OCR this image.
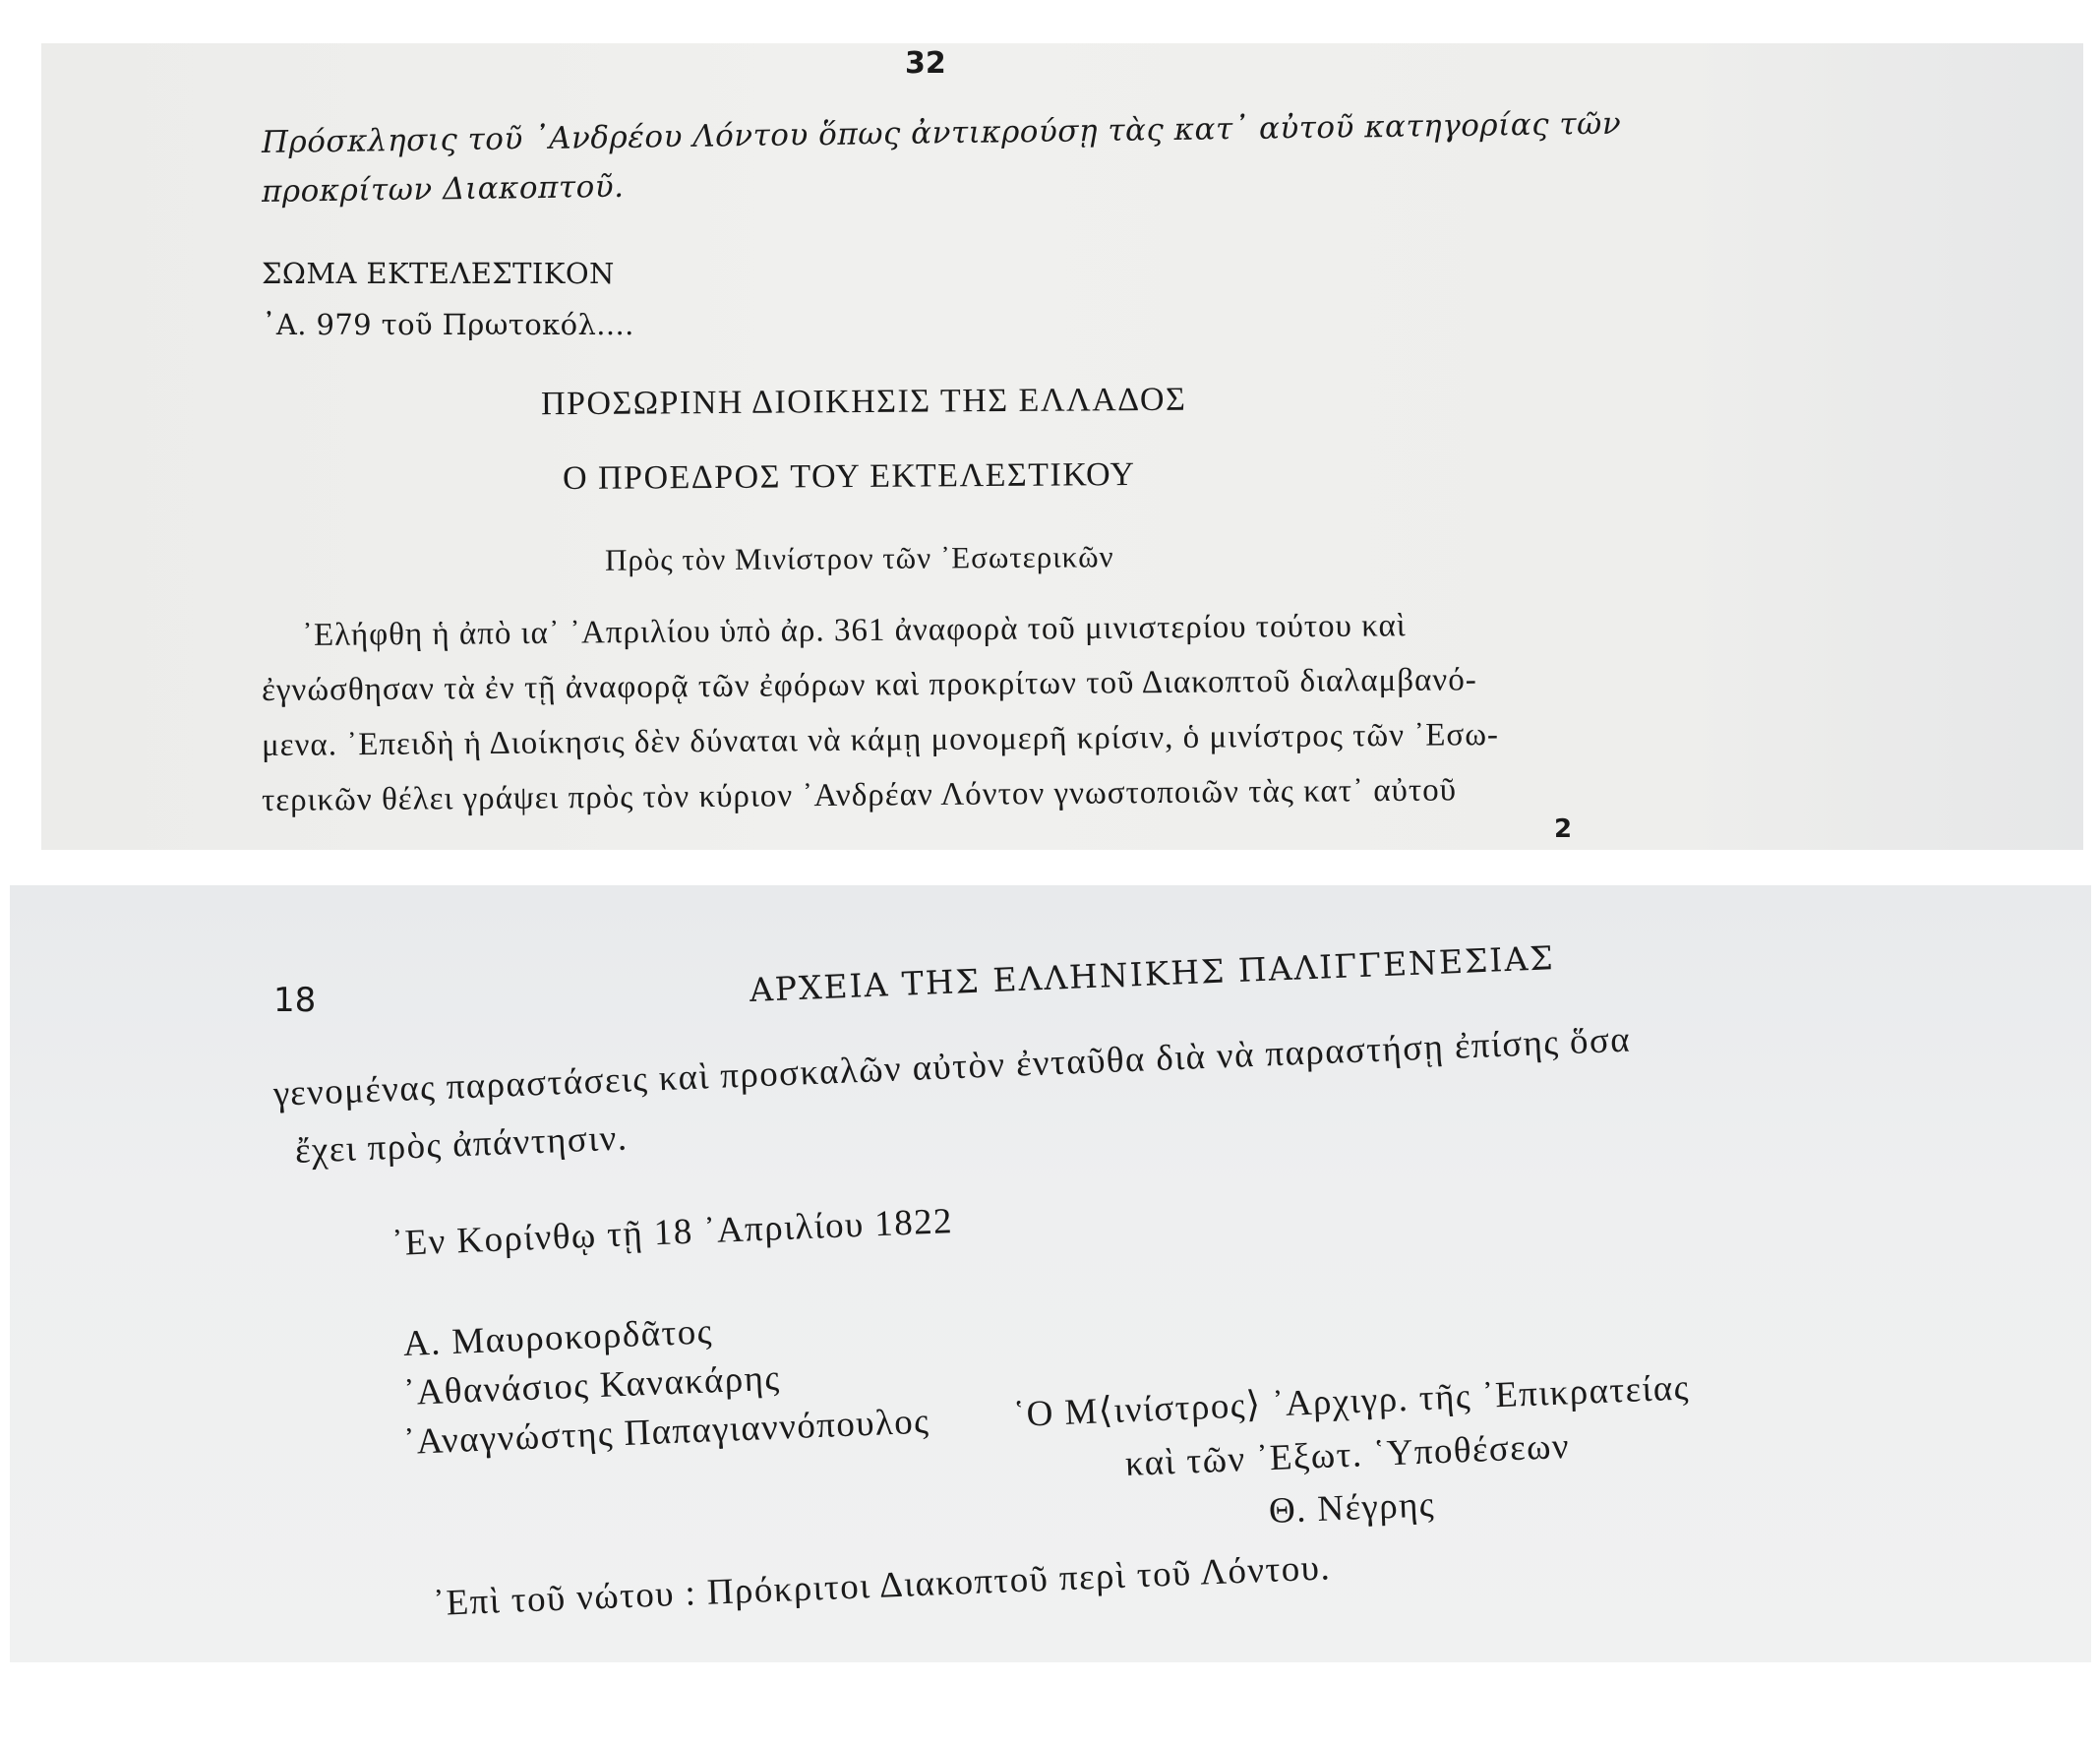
32
Πρόσκλησις τοῦ ᾿Ανδρέου Λόντου ὅπως ἀντικρούσῃ τὰς κατ᾿ αὐτοῦ κατηγορίας τῶν
προκρίτων Διακοπτοῦ.
ΣΩΜΑ ΕΚΤΕΛΕΣΤΙΚΟΝ
᾿Α. 979 τοῦ Πρωτοκόλ....
ΠΡΟΣΩΡΙΝΗ ΔΙΟΙΚΗΣΙΣ ΤΗΣ ΕΛΛΑΔΟΣ
Ο ΠΡΟΕΔΡΟΣ ΤΟΥ ΕΚΤΕΛΕΣΤΙΚΟΥ
Πρὸς τὸν Μινίστρον τῶν ᾿Εσωτερικῶν
᾿Ελήφθη ἡ ἀπὸ ια᾿ ᾿Απριλίου ὑπὸ ἀρ. 361 ἀναφορὰ τοῦ μινιστερίου τούτου καὶ
ἐγνώσθησαν τὰ ἐν τῇ ἀναφορᾷ τῶν ἐφόρων καὶ προκρίτων τοῦ Διακοπτοῦ διαλαμβανό-
μενα. ᾿Επειδὴ ἡ Διοίκησις δὲν δύναται νὰ κάμῃ μονομερῆ κρίσιν, ὁ μινίστρος τῶν ᾿Εσω-
τερικῶν θέλει γράψει πρὸς τὸν κύριον ᾿Ανδρέαν Λόντον γνωστοποιῶν τὰς κατ᾿ αὐτοῦ
2
18	ΑΡΧΕΙΑ ΤΗΣ ΕΛΛΗΝΙΚΗΣ ΠΑΛΙΓΓΕΝΕΣΙΑΣ
γενομένας παραστάσεις καὶ προσκαλῶν αὐτὸν ἐνταῦθα διὰ νὰ παραστήσῃ ἐπίσης ὅσα
ἔχει πρὸς ἀπάντησιν.
᾿Εν Κορίνθῳ τῇ 18 ᾿Απριλίου 1822
Α. Μαυροκορδᾶτος
᾿Αθανάσιος Κανακάρης
᾿Αναγνώστης Παπαγιαννόπουλος ῾Ο Μ⟨ινίστρος⟩ ᾿Αρχιγρ. τῆς ᾿Επικρατείας
καὶ τῶν ᾿Εξωτ. ῾Υποθέσεων
Θ. Νέγρης
᾿Επὶ τοῦ νώτου : Πρόκριτοι Διακοπτοῦ περὶ τοῦ Λόντου.
